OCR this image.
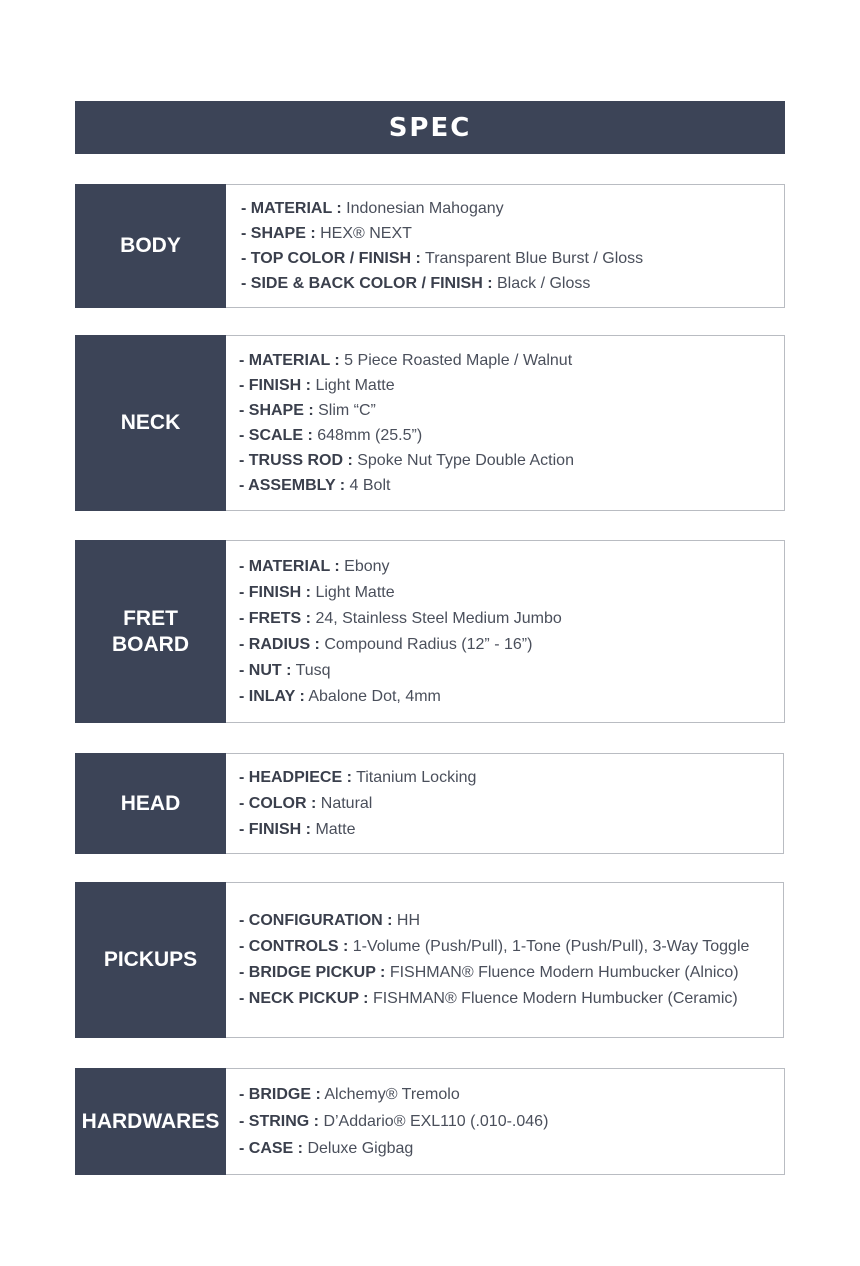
SPEC
BODY
- MATERIAL : Indonesian Mahogany
- SHAPE : HEX® NEXT
- TOP COLOR / FINISH : Transparent Blue Burst / Gloss
- SIDE & BACK COLOR / FINISH : Black / Gloss
NECK
- MATERIAL : 5 Piece Roasted Maple / Walnut
- FINISH : Light Matte
- SHAPE : Slim “C”
- SCALE : 648mm (25.5”)
- TRUSS ROD : Spoke Nut Type Double Action
- ASSEMBLY : 4 Bolt
FRET
BOARD
- MATERIAL : Ebony
- FINISH : Light Matte
- FRETS : 24, Stainless Steel Medium Jumbo
- RADIUS : Compound Radius (12” - 16”)
- NUT : Tusq
- INLAY : Abalone Dot, 4mm
HEAD
- HEADPIECE : Titanium Locking
- COLOR : Natural
- FINISH : Matte
PICKUPS
- CONFIGURATION : HH
- CONTROLS : 1-Volume (Push/Pull), 1-Tone (Push/Pull), 3-Way Toggle
- BRIDGE PICKUP : FISHMAN® Fluence Modern Humbucker (Alnico)
- NECK PICKUP : FISHMAN® Fluence Modern Humbucker (Ceramic)
HARDWARES
- BRIDGE : Alchemy® Tremolo
- STRING : D’Addario® EXL110 (.010-.046)
- CASE : Deluxe Gigbag
